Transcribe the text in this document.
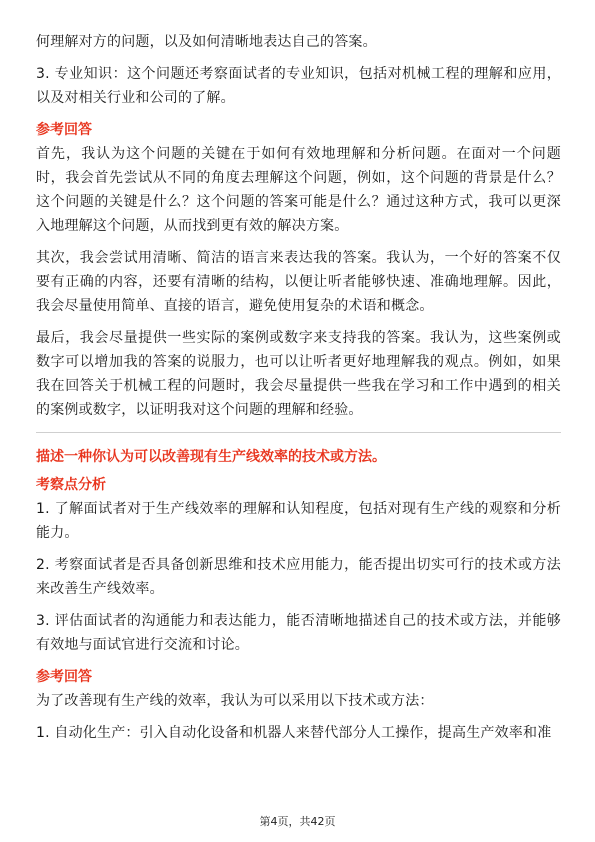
何理解对方的问题，以及如何清晰地表达自己的答案。

3. 专业知识：这个问题还考察面试者的专业知识，包括对机械工程的理解和应用，以及对相关行业和公司的了解。

参考回答

首先，我认为这个问题的关键在于如何有效地理解和分析问题。在面对一个问题时，我会首先尝试从不同的角度去理解这个问题，例如，这个问题的背景是什么？这个问题的关键是什么？这个问题的答案可能是什么？通过这种方式，我可以更深入地理解这个问题，从而找到更有效的解决方案。

其次，我会尝试用清晰、简洁的语言来表达我的答案。我认为，一个好的答案不仅要有正确的内容，还要有清晰的结构，以便让听者能够快速、准确地理解。因此，我会尽量使用简单、直接的语言，避免使用复杂的术语和概念。

最后，我会尽量提供一些实际的案例或数字来支持我的答案。我认为，这些案例或数字可以增加我的答案的说服力，也可以让听者更好地理解我的观点。例如，如果我在回答关于机械工程的问题时，我会尽量提供一些我在学习和工作中遇到的相关的案例或数字，以证明我对这个问题的理解和经验。

描述一种你认为可以改善现有生产线效率的技术或方法。
考察点分析

1. 了解面试者对于生产线效率的理解和认知程度，包括对现有生产线的观察和分析能力。

2. 考察面试者是否具备创新思维和技术应用能力，能否提出切实可行的技术或方法来改善生产线效率。

3. 评估面试者的沟通能力和表达能力，能否清晰地描述自己的技术或方法，并能够有效地与面试官进行交流和讨论。

参考回答

为了改善现有生产线的效率，我认为可以采用以下技术或方法：

1. 自动化生产：引入自动化设备和机器人来替代部分人工操作，提高生产效率和准

第4页，共42页
